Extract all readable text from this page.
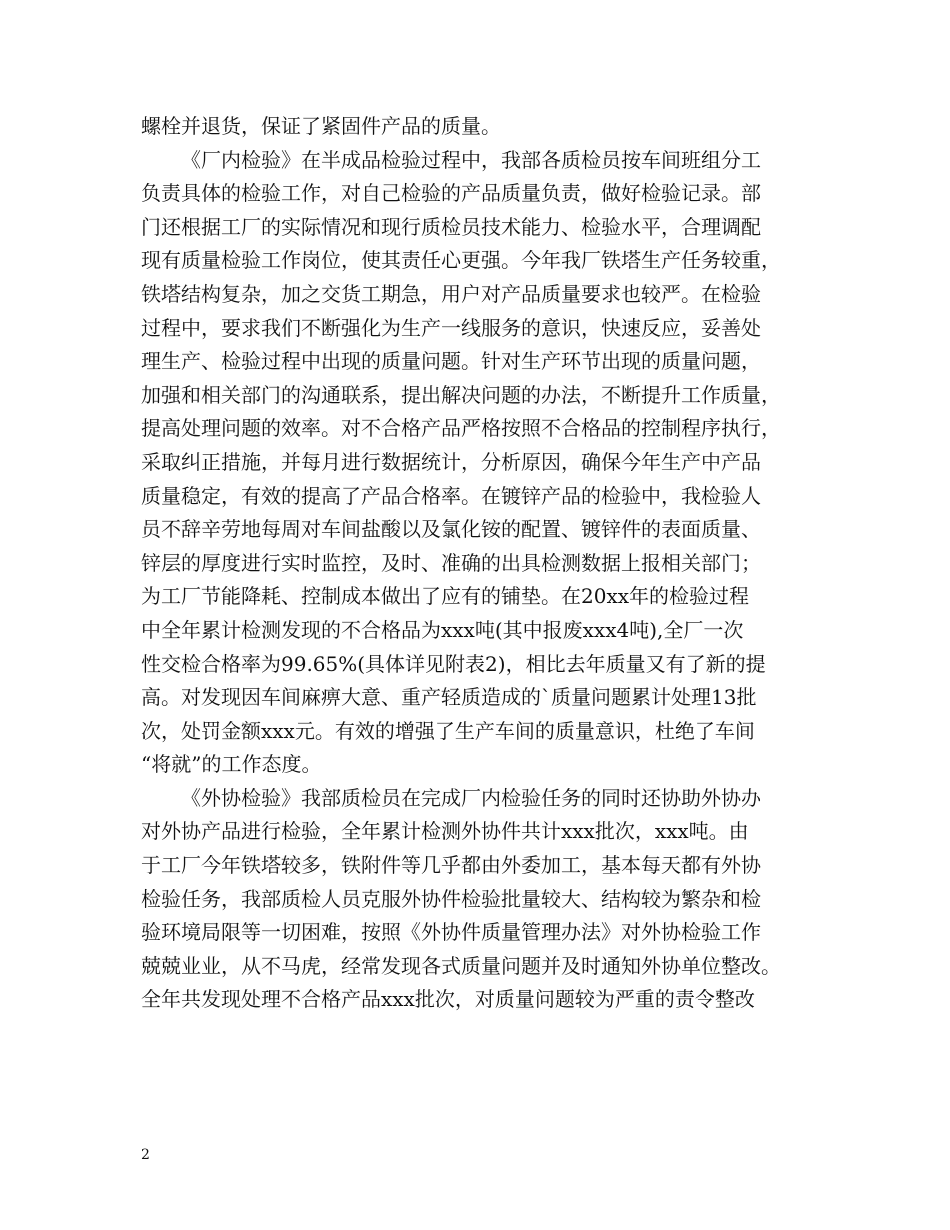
螺栓并退货，保证了紧固件产品的质量。
《厂内检验》在半成品检验过程中，我部各质检员按车间班组分工
负责具体的检验工作，对自己检验的产品质量负责，做好检验记录。部
门还根据工厂的实际情况和现行质检员技术能力、检验水平，合理调配
现有质量检验工作岗位，使其责任心更强。今年我厂铁塔生产任务较重，
铁塔结构复杂，加之交货工期急，用户对产品质量要求也较严。在检验
过程中，要求我们不断强化为生产一线服务的意识，快速反应，妥善处
理生产、检验过程中出现的质量问题。针对生产环节出现的质量问题，
加强和相关部门的沟通联系，提出解决问题的办法，不断提升工作质量，
提高处理问题的效率。对不合格产品严格按照不合格品的控制程序执行，
采取纠正措施，并每月进行数据统计，分析原因，确保今年生产中产品
质量稳定，有效的提高了产品合格率。在镀锌产品的检验中，我检验人
员不辞辛劳地每周对车间盐酸以及氯化铵的配置、镀锌件的表面质量、
锌层的厚度进行实时监控，及时、准确的出具检测数据上报相关部门；
为工厂节能降耗、控制成本做出了应有的铺垫。在20xx年的检验过程
中全年累计检测发现的不合格品为xxx吨(其中报废xxx4吨),全厂一次
性交检合格率为99.65%(具体详见附表2)，相比去年质量又有了新的提
高。对发现因车间麻痹大意、重产轻质造成的`质量问题累计处理13批
次，处罚金额xxx元。有效的增强了生产车间的质量意识，杜绝了车间
“将就”的工作态度。
《外协检验》我部质检员在完成厂内检验任务的同时还协助外协办
对外协产品进行检验，全年累计检测外协件共计xxx批次，xxx吨。由
于工厂今年铁塔较多，铁附件等几乎都由外委加工，基本每天都有外协
检验任务，我部质检人员克服外协件检验批量较大、结构较为繁杂和检
验环境局限等一切困难，按照《外协件质量管理办法》对外协检验工作
兢兢业业，从不马虎，经常发现各式质量问题并及时通知外协单位整改。
全年共发现处理不合格产品xxx批次，对质量问题较为严重的责令整改
2
